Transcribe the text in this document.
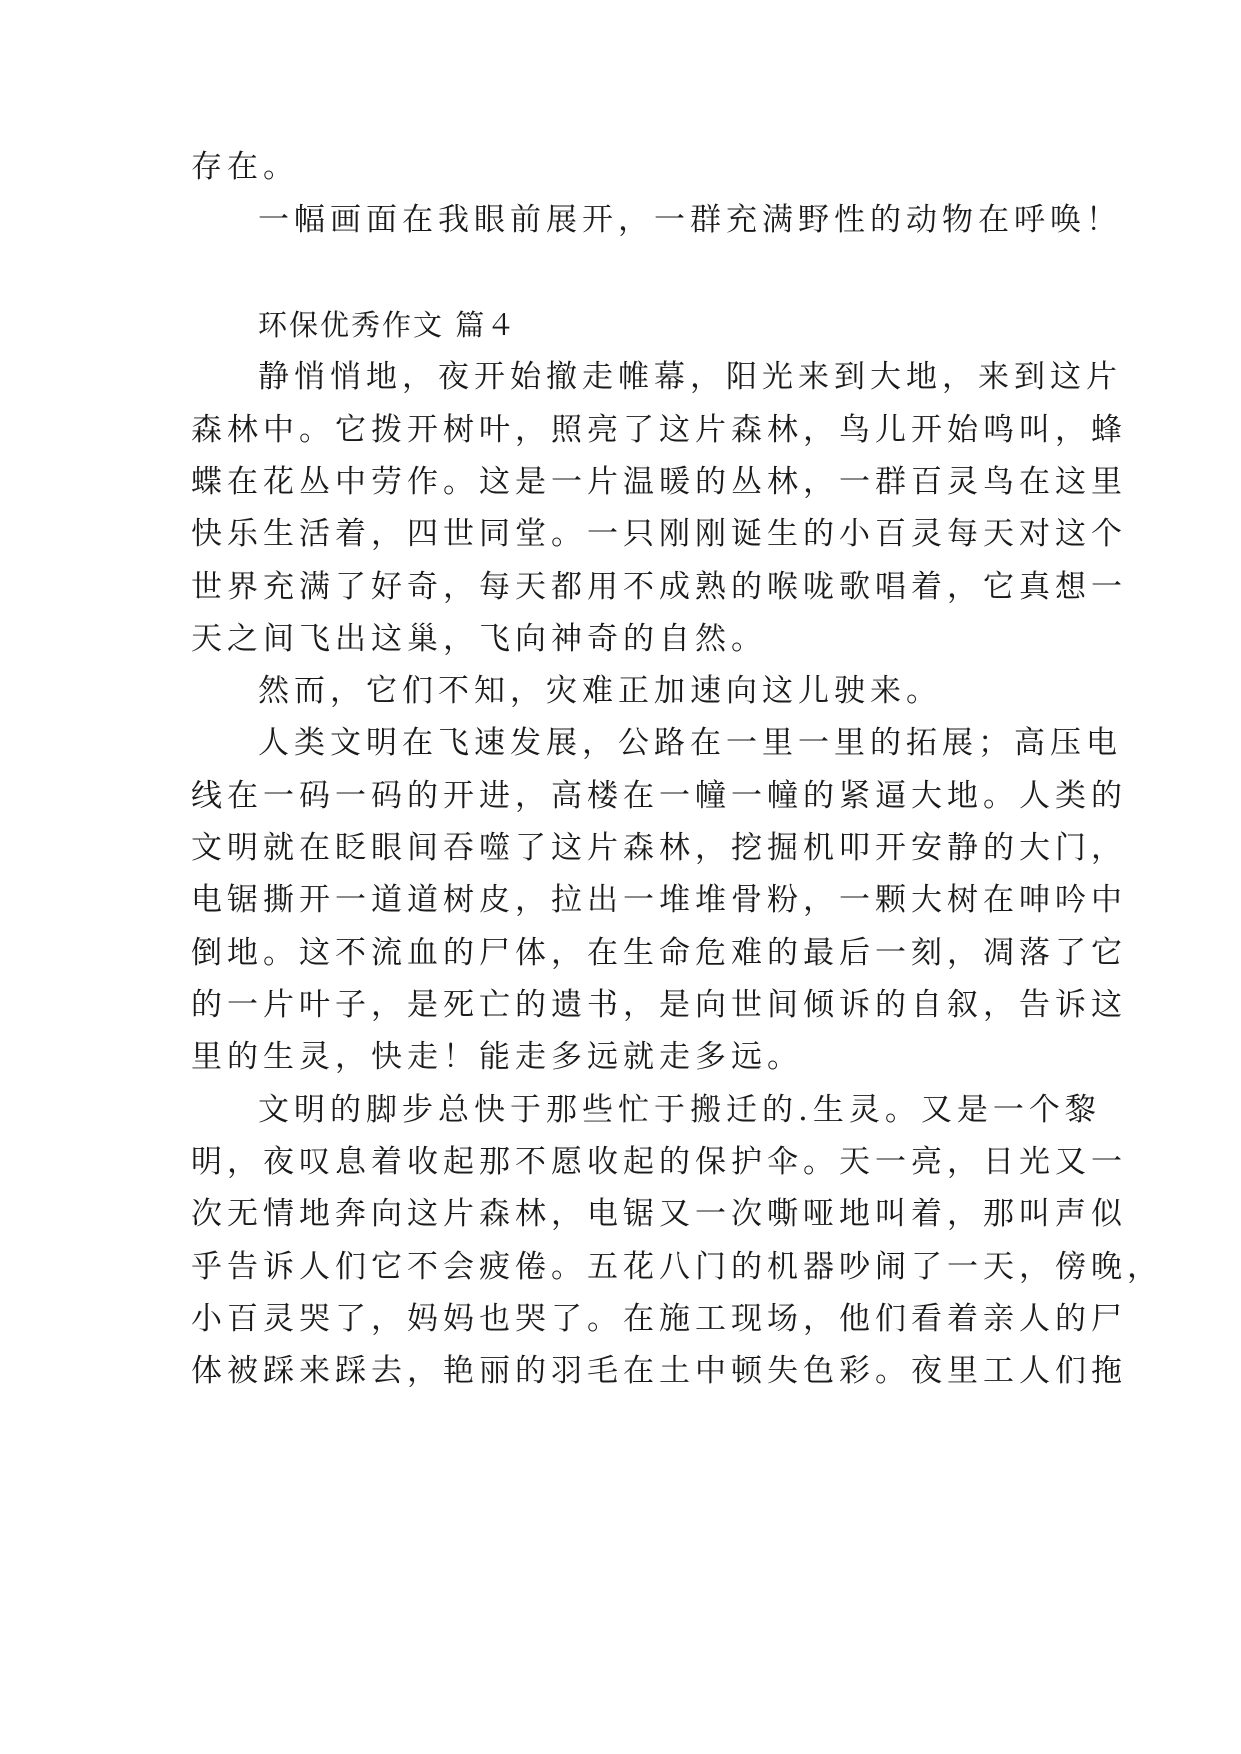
存在。
一幅画面在我眼前展开，一群充满野性的动物在呼唤！
环保优秀作文 篇４
静悄悄地，夜开始撤走帷幕，阳光来到大地，来到这片
森林中。它拨开树叶，照亮了这片森林，鸟儿开始鸣叫，蜂
蝶在花丛中劳作。这是一片温暖的丛林，一群百灵鸟在这里
快乐生活着，四世同堂。一只刚刚诞生的小百灵每天对这个
世界充满了好奇，每天都用不成熟的喉咙歌唱着，它真想一
天之间飞出这巢，飞向神奇的自然。
然而，它们不知，灾难正加速向这儿驶来。
人类文明在飞速发展，公路在一里一里的拓展；高压电
线在一码一码的开进，高楼在一幢一幢的紧逼大地。人类的
文明就在眨眼间吞噬了这片森林，挖掘机叩开安静的大门，
电锯撕开一道道树皮，拉出一堆堆骨粉，一颗大树在呻吟中
倒地。这不流血的尸体，在生命危难的最后一刻，凋落了它
的一片叶子，是死亡的遗书，是向世间倾诉的自叙，告诉这
里的生灵，快走！能走多远就走多远。
文明的脚步总快于那些忙于搬迁的.生灵。又是一个黎
明，夜叹息着收起那不愿收起的保护伞。天一亮，日光又一
次无情地奔向这片森林，电锯又一次嘶哑地叫着，那叫声似
乎告诉人们它不会疲倦。五花八门的机器吵闹了一天，傍晚，
小百灵哭了，妈妈也哭了。在施工现场，他们看着亲人的尸
体被踩来踩去，艳丽的羽毛在土中顿失色彩。夜里工人们拖
